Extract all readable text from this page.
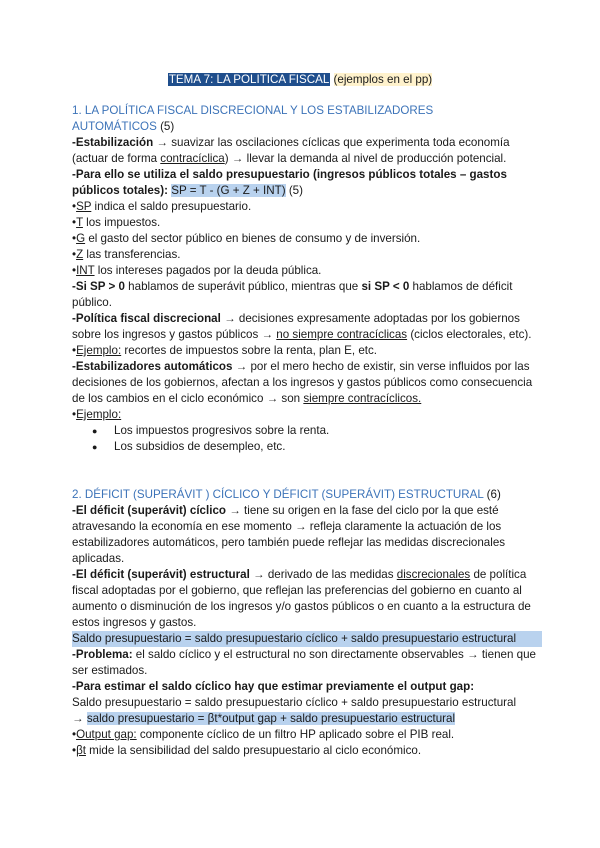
TEMA 7: LA POLITICA FISCAL (ejemplos en el pp)

1. LA POLÍTICA FISCAL DISCRECIONAL Y LOS ESTABILIZADORES
AUTOMÁTICOS (5)

-Estabilización → suavizar las oscilaciones cíclicas que experimenta toda economía (actuar de forma contracíclica) → llevar la demanda al nivel de producción potencial.

-Para ello se utiliza el saldo presupuestario (ingresos públicos totales – gastos públicos totales): SP = T - (G + Z + INT) (5)

•SP indica el saldo presupuestario.

•T los impuestos.

•G el gasto del sector público en bienes de consumo y de inversión.

•Z las transferencias.

•INT los intereses pagados por la deuda pública.

-Si SP > 0 hablamos de superávit público, mientras que si SP < 0 hablamos de déficit público.

-Política fiscal discrecional → decisiones expresamente adoptadas por los gobiernos sobre los ingresos y gastos públicos → no siempre contracíclicas (ciclos electorales, etc).

•Ejemplo: recortes de impuestos sobre la renta, plan E, etc.

-Estabilizadores automáticos → por el mero hecho de existir, sin verse influidos por las decisiones de los gobiernos, afectan a los ingresos y gastos públicos como consecuencia de los cambios en el ciclo económico → son siempre contracíclicos.

•Ejemplo:

● Los impuestos progresivos sobre la renta.
● Los subsidios de desempleo, etc.

2. DÉFICIT (SUPERÁVIT ) CÍCLICO Y DÉFICIT (SUPERÁVIT) ESTRUCTURAL (6)

-El déficit (superávit) cíclico → tiene su origen en la fase del ciclo por la que esté atravesando la economía en ese momento → refleja claramente la actuación de los estabilizadores automáticos, pero también puede reflejar las medidas discrecionales aplicadas.

-El déficit (superávit) estructural → derivado de las medidas discrecionales de política fiscal adoptadas por el gobierno, que reflejan las preferencias del gobierno en cuanto al aumento o disminución de los ingresos y/o gastos públicos o en cuanto a la estructura de estos ingresos y gastos.

Saldo presupuestario = saldo presupuestario cíclico + saldo presupuestario estructural

-Problema: el saldo cíclico y el estructural no son directamente observables → tienen que ser estimados.

-Para estimar el saldo cíclico hay que estimar previamente el output gap:

Saldo presupuestario = saldo presupuestario cíclico + saldo presupuestario estructural

→ saldo presupuestario = βt*output gap + saldo presupuestario estructural

•Output gap: componente cíclico de un filtro HP aplicado sobre el PIB real.

•βt mide la sensibilidad del saldo presupuestario al ciclo económico.
